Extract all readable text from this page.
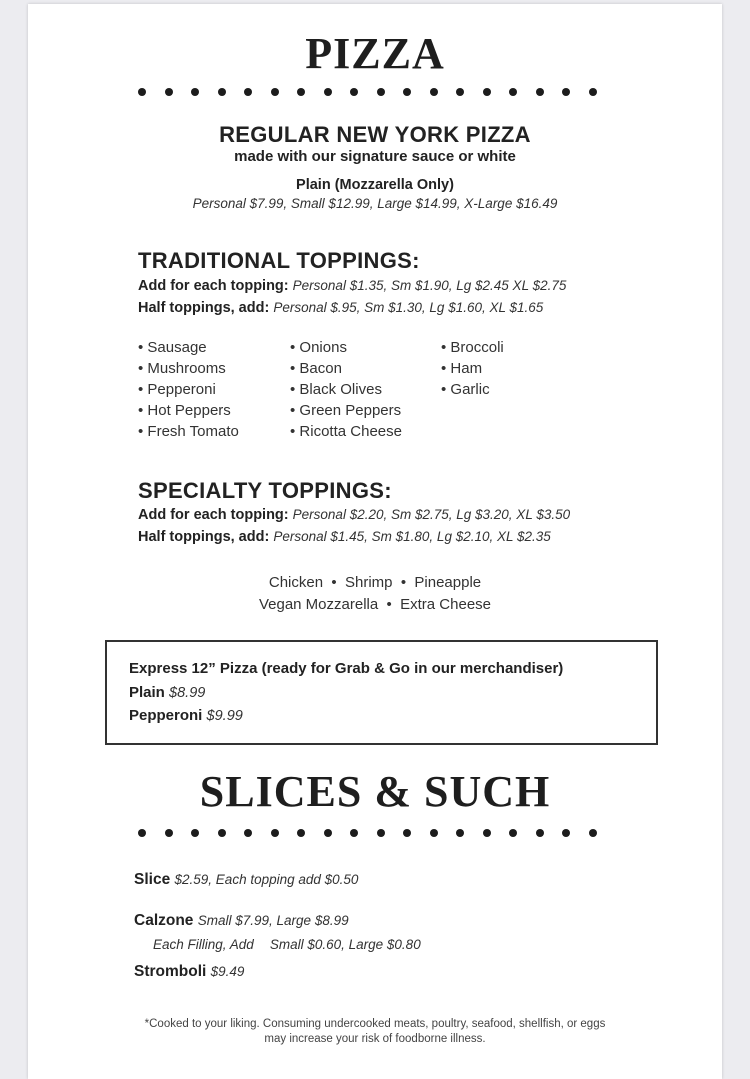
PIZZA
REGULAR NEW YORK PIZZA
made with our signature sauce or white
Plain (Mozzarella Only)
Personal $7.99, Small $12.99, Large $14.99, X-Large $16.49
TRADITIONAL TOPPINGS:
Add for each topping: Personal $1.35, Sm $1.90, Lg $2.45 XL $2.75
Half toppings, add: Personal $.95, Sm $1.30, Lg $1.60, XL $1.65
• Sausage
• Mushrooms
• Pepperoni
• Hot Peppers
• Fresh Tomato
• Onions
• Bacon
• Black Olives
• Green Peppers
• Ricotta Cheese
• Broccoli
• Ham
• Garlic
SPECIALTY TOPPINGS:
Add for each topping: Personal $2.20, Sm $2.75, Lg $3.20, XL $3.50
Half toppings, add: Personal $1.45, Sm $1.80, Lg $2.10, XL $2.35
Chicken  •  Shrimp  •  Pineapple
Vegan Mozzarella  •  Extra Cheese
Express 12” Pizza (ready for Grab & Go in our merchandiser)
Plain $8.99
Pepperoni $9.99
SLICES & SUCH
Slice $2.59, Each topping add $0.50
Calzone Small $7.99, Large $8.99
Each Filling, Add Small $0.60, Large $0.80
Stromboli $9.49
*Cooked to your liking. Consuming undercooked meats, poultry, seafood, shellfish, or eggs
may increase your risk of foodborne illness.
